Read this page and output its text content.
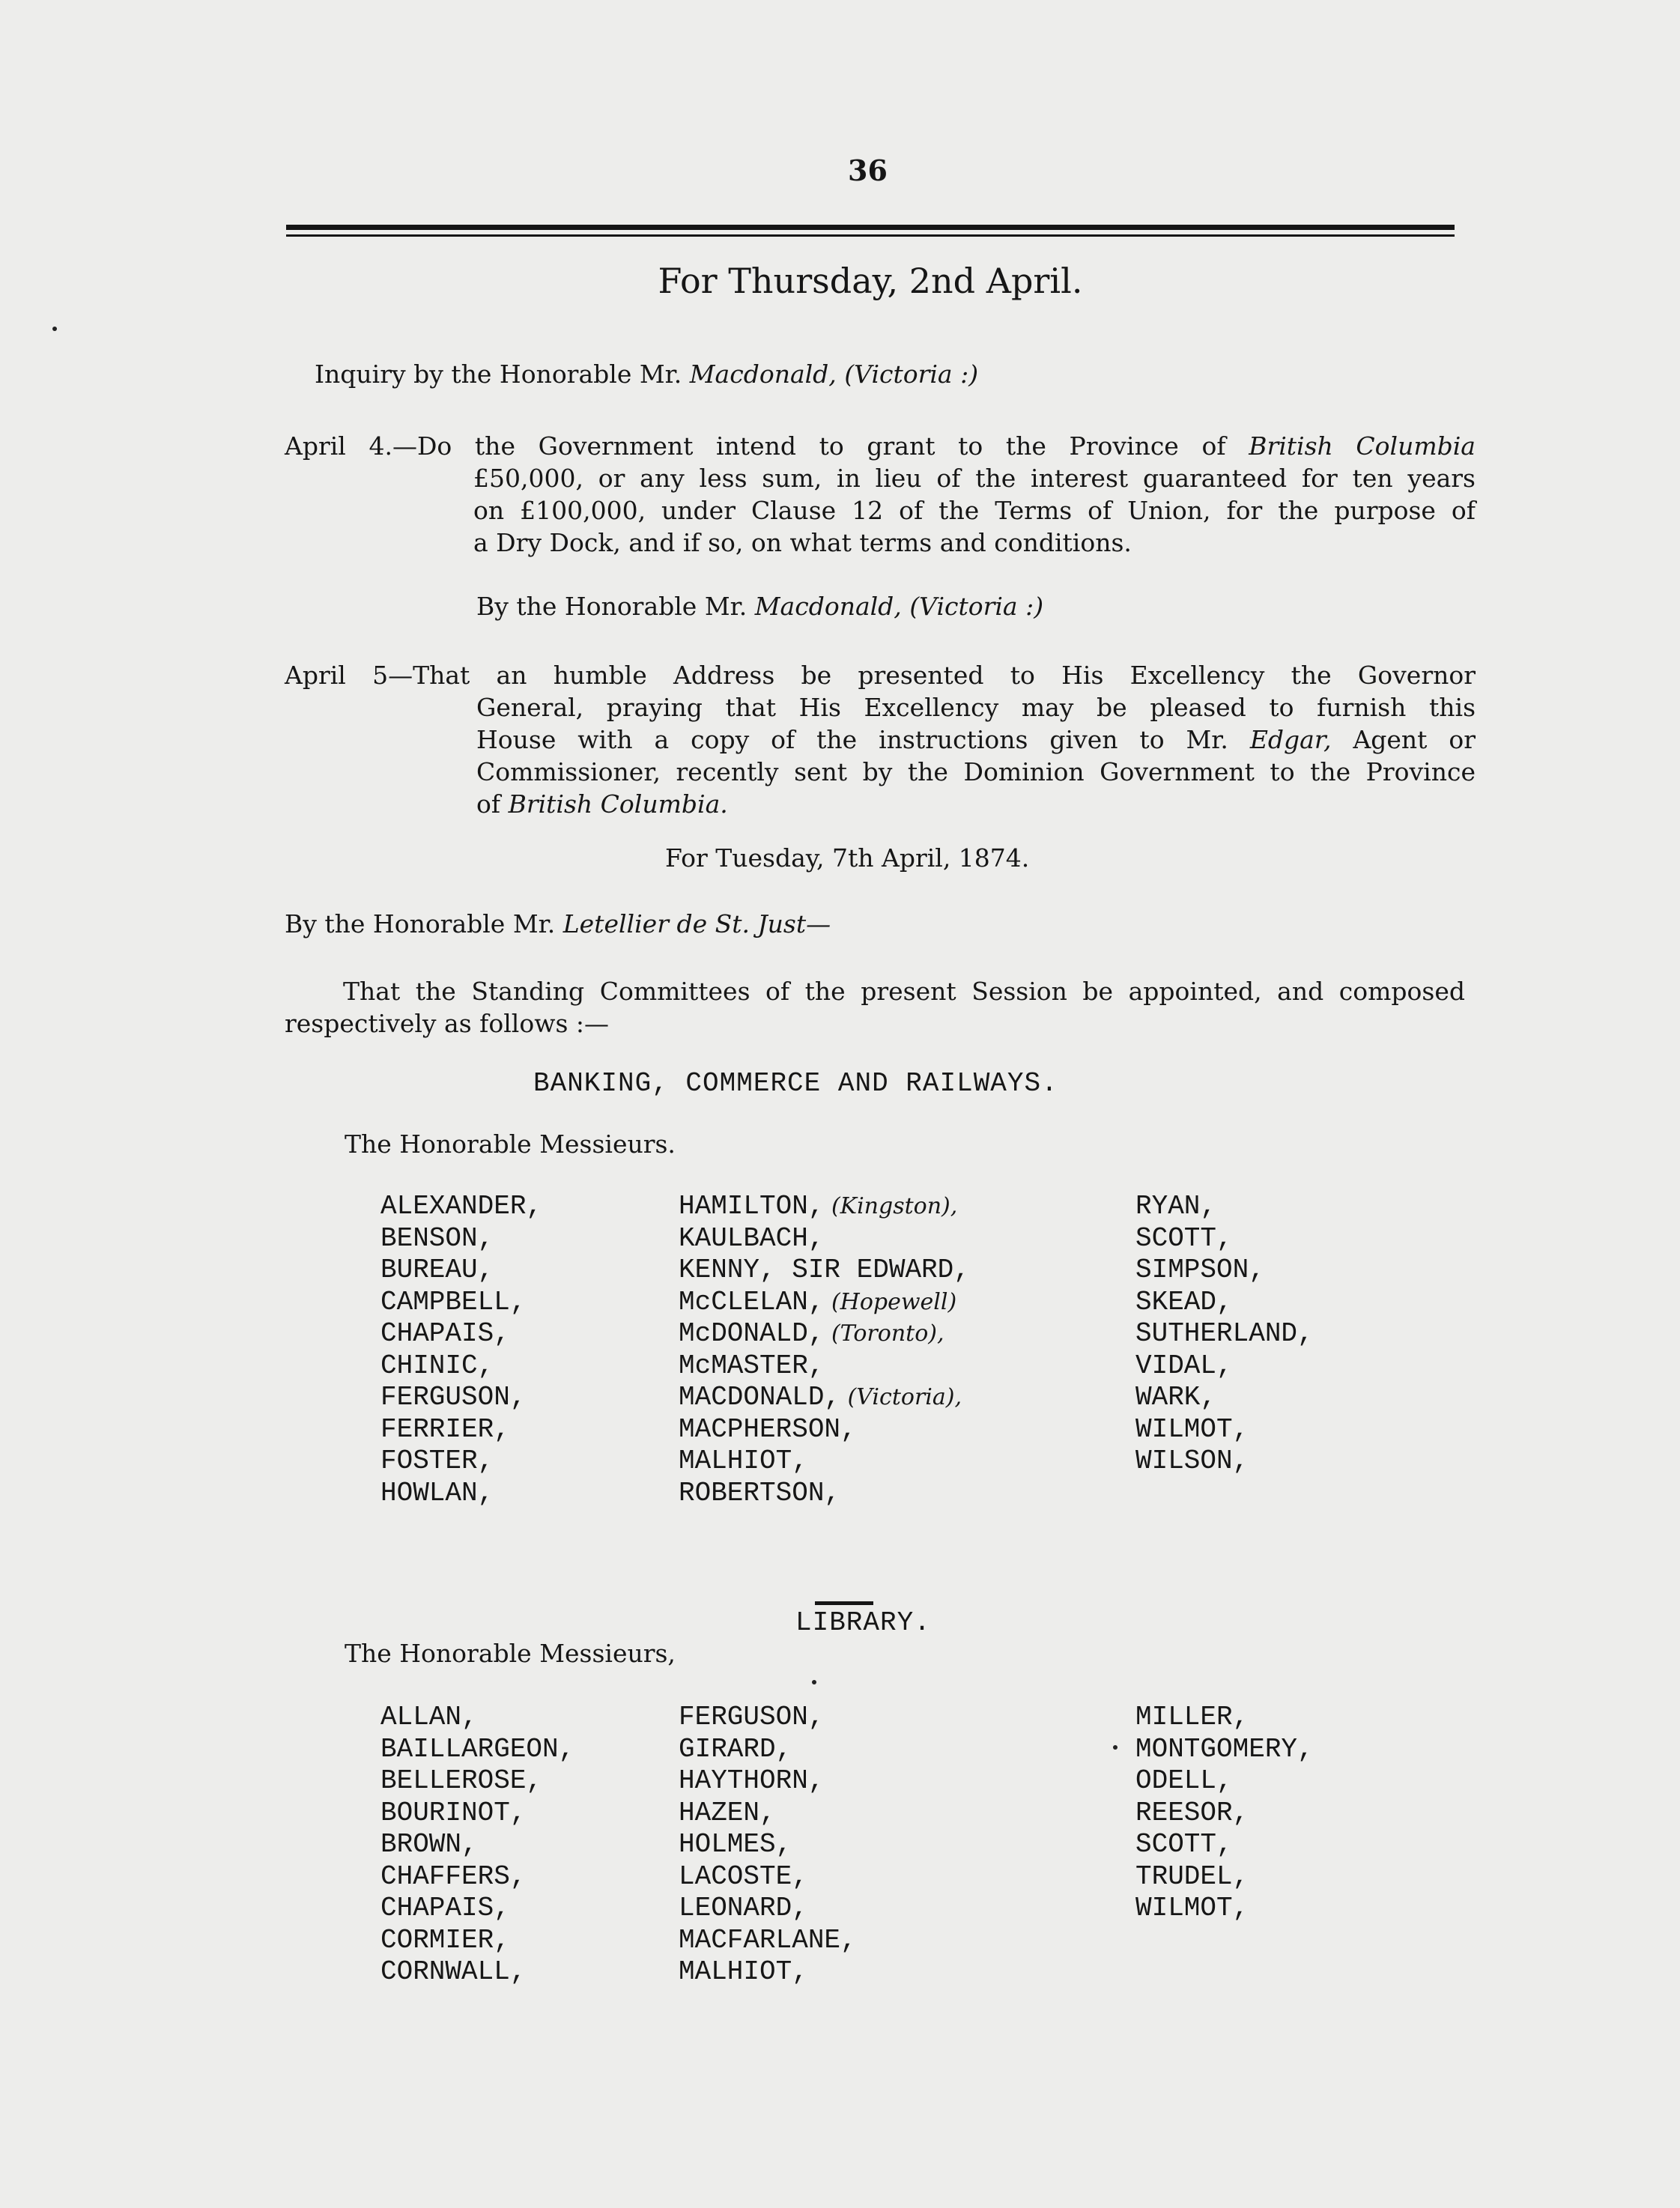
36
For Thursday, 2nd April.
Inquiry by the Honorable Mr. Macdonald, (Victoria :)
April 4.—Do the Government intend to grant to the Province of British Columbia
£50,000, or any less sum, in lieu of the interest guaranteed for ten years
on £100,000, under Clause 12 of the Terms of Union, for the purpose of
a Dry Dock, and if so, on what terms and conditions.
By the Honorable Mr. Macdonald, (Victoria :)
April 5—That an humble Address be presented to His Excellency the Governor
General, praying that His Excellency may be pleased to furnish this
House with a copy of the instructions given to Mr. Edgar, Agent or
Commissioner, recently sent by the Dominion Government to the Province
of British Columbia.
For Tuesday, 7th April, 1874.
By the Honorable Mr. Letellier de St. Just—
That the Standing Committees of the present Session be appointed, and composed
respectively as follows :—
BANKING, COMMERCE AND RAILWAYS.
The Honorable Messieurs.
ALEXANDER,
BENSON,
BUREAU,
CAMPBELL,
CHAPAIS,
CHINIC,
FERGUSON,
FERRIER,
FOSTER,
HOWLAN,
HAMILTON, (Kingston),
KAULBACH,
KENNY, SIR EDWARD,
McCLELAN, (Hopewell)
McDONALD, (Toronto),
McMASTER,
MACDONALD, (Victoria),
MACPHERSON,
MALHIOT,
ROBERTSON,
RYAN,
SCOTT,
SIMPSON,
SKEAD,
SUTHERLAND,
VIDAL,
WARK,
WILMOT,
WILSON,
LIBRARY.
The Honorable Messieurs,
ALLAN,
BAILLARGEON,
BELLEROSE,
BOURINOT,
BROWN,
CHAFFERS,
CHAPAIS,
CORMIER,
CORNWALL,
FERGUSON,
GIRARD,
HAYTHORN,
HAZEN,
HOLMES,
LACOSTE,
LEONARD,
MACFARLANE,
MALHIOT,
MILLER,
MONTGOMERY,
ODELL,
REESOR,
SCOTT,
TRUDEL,
WILMOT,
